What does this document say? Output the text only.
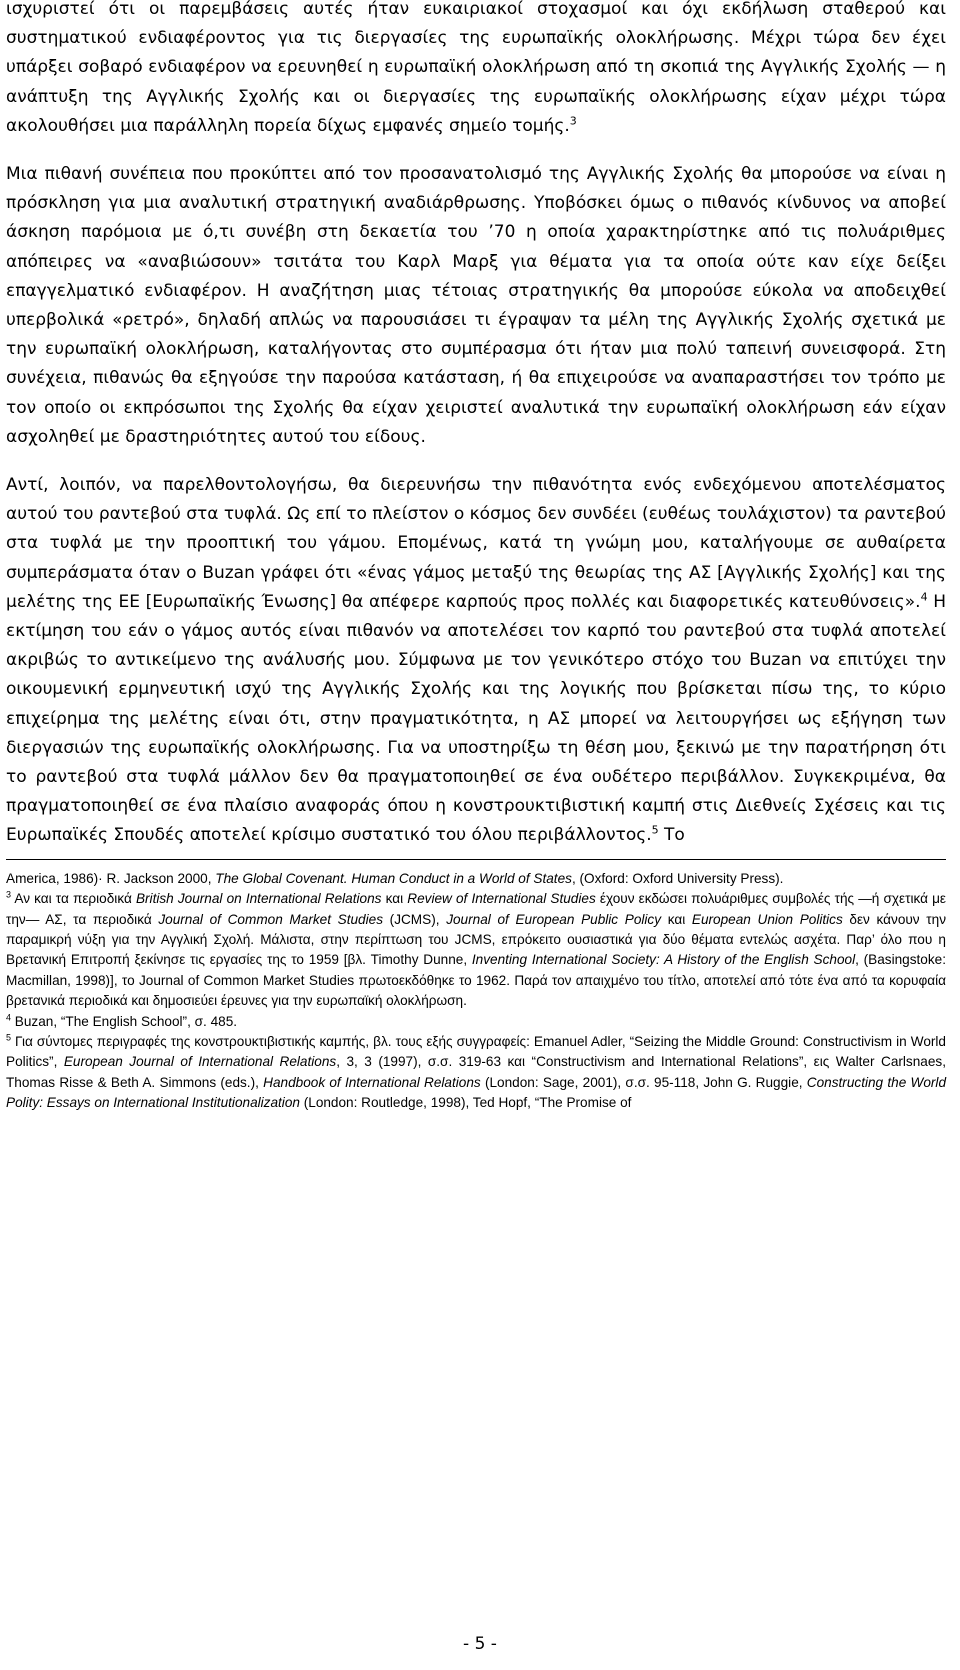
ισχυριστεί ότι οι παρεμβάσεις αυτές ήταν ευκαιριακοί στοχασμοί και όχι εκδήλωση σταθερού και συστηματικού ενδιαφέροντος για τις διεργασίες της ευρωπαϊκής ολοκλήρωσης. Μέχρι τώρα δεν έχει υπάρξει σοβαρό ενδιαφέρον να ερευνηθεί η ευρωπαϊκή ολοκλήρωση από τη σκοπιά της Αγγλικής Σχολής — η ανάπτυξη της Αγγλικής Σχολής και οι διεργασίες της ευρωπαϊκής ολοκλήρωσης είχαν μέχρι τώρα ακολουθήσει μια παράλληλη πορεία δίχως εμφανές σημείο τομής.$^3$

Μια πιθανή συνέπεια που προκύπτει από τον προσανατολισμό της Αγγλικής Σχολής θα μπορούσε να είναι η πρόσκληση για μια αναλυτική στρατηγική αναδιάρθρωσης. Υποβόσκει όμως ο πιθανός κίνδυνος να αποβεί άσκηση παρόμοια με ό,τι συνέβη στη δεκαετία του ’70 η οποία χαρακτηρίστηκε από τις πολυάριθμες απόπειρες να «αναβιώσουν» τσιτάτα του Καρλ Μαρξ για θέματα για τα οποία ούτε καν είχε δείξει επαγγελματικό ενδιαφέρον. Η αναζήτηση μιας τέτοιας στρατηγικής θα μπορούσε εύκολα να αποδειχθεί υπερβολικά «ρετρό», δηλαδή απλώς να παρουσιάσει τι έγραψαν τα μέλη της Αγγλικής Σχολής σχετικά με την ευρωπαϊκή ολοκλήρωση, καταλήγοντας στο συμπέρασμα ότι ήταν μια πολύ ταπεινή συνεισφορά. Στη συνέχεια, πιθανώς θα εξηγούσε την παρούσα κατάσταση, ή θα επιχειρούσε να αναπαραστήσει τον τρόπο με τον οποίο οι εκπρόσωποι της Σχολής θα είχαν χειριστεί αναλυτικά την ευρωπαϊκή ολοκλήρωση εάν είχαν ασχοληθεί με δραστηριότητες αυτού του είδους.

Αντί, λοιπόν, να παρελθοντολογήσω, θα διερευνήσω την πιθανότητα ενός ενδεχόμενου αποτελέσματος αυτού του ραντεβού στα τυφλά. Ως επί το πλείστον ο κόσμος δεν συνδέει (ευθέως τουλάχιστον) τα ραντεβού στα τυφλά με την προοπτική του γάμου. Επομένως, κατά τη γνώμη μου, καταλήγουμε σε αυθαίρετα συμπεράσματα όταν ο Buzan γράφει ότι «ένας γάμος μεταξύ της θεωρίας της ΑΣ [Αγγλικής Σχολής] και της μελέτης της ΕΕ [Ευρωπαϊκής Ένωσης] θα απέφερε καρπούς προς πολλές και διαφορετικές κατευθύνσεις».$^4$ Η εκτίμηση του εάν ο γάμος αυτός είναι πιθανόν να αποτελέσει τον καρπό του ραντεβού στα τυφλά αποτελεί ακριβώς το αντικείμενο της ανάλυσής μου. Σύμφωνα με τον γενικότερο στόχο του Buzan να επιτύχει την οικουμενική ερμηνευτική ισχύ της Αγγλικής Σχολής και της λογικής που βρίσκεται πίσω της, το κύριο επιχείρημα της μελέτης είναι ότι, στην πραγματικότητα, η ΑΣ μπορεί να λειτουργήσει ως εξήγηση των διεργασιών της ευρωπαϊκής ολοκλήρωσης. Για να υποστηρίξω τη θέση μου, ξεκινώ με την παρατήρηση ότι το ραντεβού στα τυφλά μάλλον δεν θα πραγματοποιηθεί σε ένα ουδέτερο περιβάλλον. Συγκεκριμένα, θα πραγματοποιηθεί σε ένα πλαίσιο αναφοράς όπου η κονστρουκτιβιστική καμπή στις Διεθνείς Σχέσεις και τις Ευρωπαϊκές Σπουδές αποτελεί κρίσιμο συστατικό του όλου περιβάλλοντος.$^5$ Το

America, 1986)· R. Jackson 2000, The Global Covenant. Human Conduct in a World of States, (Oxford: Oxford University Press).

$^3$ Αν και τα περιοδικά British Journal on International Relations και Review of International Studies έχουν εκδώσει πολυάριθμες συμβολές τής —ή σχετικά με την— ΑΣ, τα περιοδικά Journal of Common Market Studies (JCMS), Journal of European Public Policy και European Union Politics δεν κάνουν την παραμικρή νύξη για την Αγγλική Σχολή. Μάλιστα, στην περίπτωση του JCMS, επρόκειτο ουσιαστικά για δύο θέματα εντελώς ασχέτα. Παρ’ όλο που η Βρετανική Επιτροπή ξεκίνησε τις εργασίες της το 1959 [βλ. Timothy Dunne, Inventing International Society: A History of the English School, (Basingstoke: Macmillan, 1998)], το Journal of Common Market Studies πρωτοεκδόθηκε το 1962. Παρά τον απαιχμένο του τίτλο, αποτελεί από τότε ένα από τα κορυφαία βρετανικά περιοδικά και δημοσιεύει έρευνες για την ευρωπαϊκή ολοκλήρωση.

$^4$ Buzan, “The English School”, σ. 485.

$^5$ Για σύντομες περιγραφές της κονστρουκτιβιστικής καμπής, βλ. τους εξής συγγραφείς: Emanuel Adler, “Seizing the Middle Ground: Constructivism in World Politics”, European Journal of International Relations, 3, 3 (1997), σ.σ. 319-63 και “Constructivism and International Relations”, εις Walter Carlsnaes, Thomas Risse & Beth A. Simmons (eds.), Handbook of International Relations (London: Sage, 2001), σ.σ. 95-118, John G. Ruggie, Constructing the World Polity: Essays on International Institutionalization (London: Routledge, 1998), Ted Hopf, “The Promise of

- 5 -
